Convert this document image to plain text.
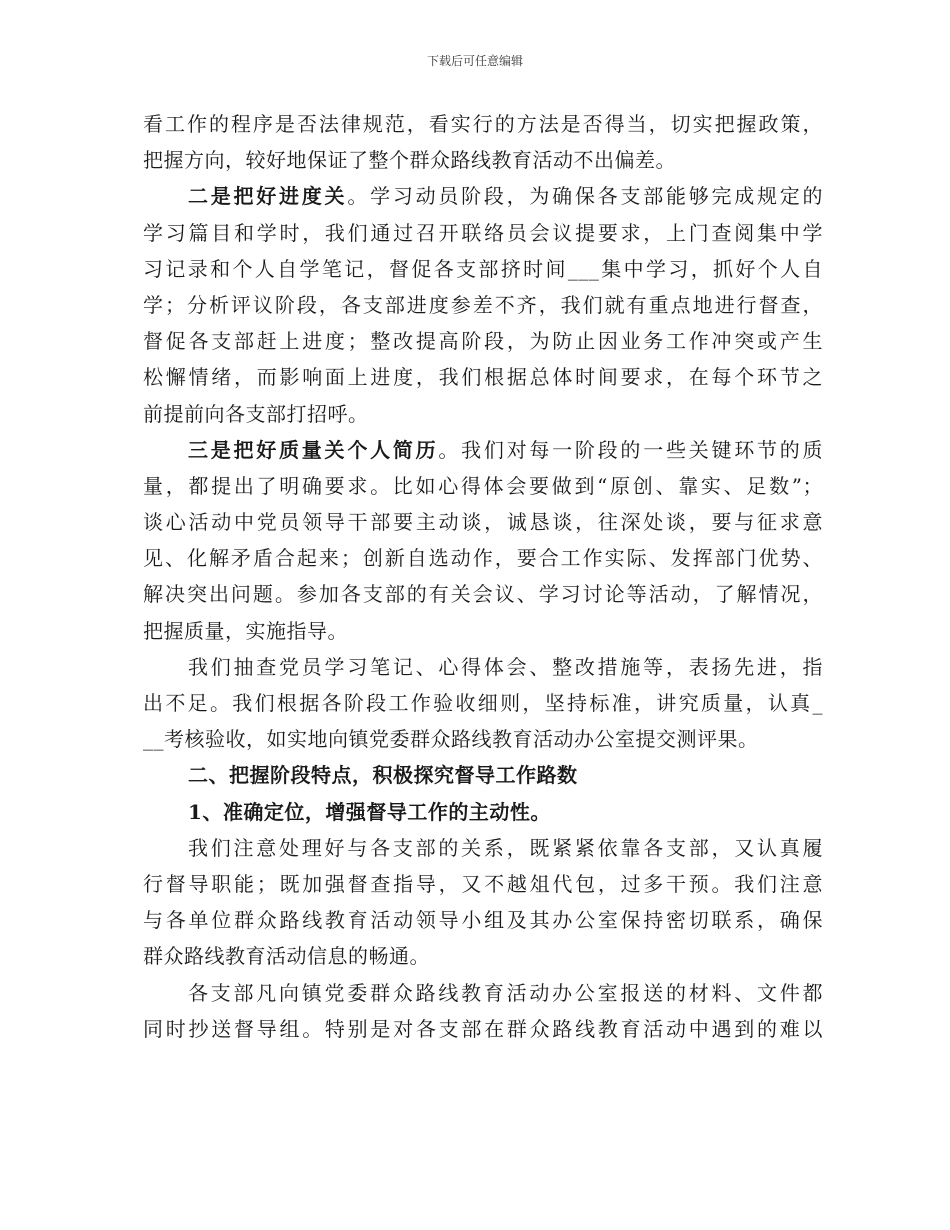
下载后可任意编辑
看工作的程序是否法律规范，看实行的方法是否得当，切实把握政策，
把握方向，较好地保证了整个群众路线教育活动不出偏差。
二是把好进度关。学习动员阶段，为确保各支部能够完成规定的
学习篇目和学时，我们通过召开联络员会议提要求，上门查阅集中学
习记录和个人自学笔记，督促各支部挤时间___集中学习，抓好个人自
学；分析评议阶段，各支部进度参差不齐，我们就有重点地进行督查，
督促各支部赶上进度；整改提高阶段，为防止因业务工作冲突或产生
松懈情绪，而影响面上进度，我们根据总体时间要求，在每个环节之
前提前向各支部打招呼。
三是把好质量关个人简历。我们对每一阶段的一些关键环节的质
量，都提出了明确要求。比如心得体会要做到“原创、靠实、足数”；
谈心活动中党员领导干部要主动谈，诚恳谈，往深处谈，要与征求意
见、化解矛盾合起来；创新自选动作，要合工作实际、发挥部门优势、
解决突出问题。参加各支部的有关会议、学习讨论等活动，了解情况，
把握质量，实施指导。
我们抽查党员学习笔记、心得体会、整改措施等，表扬先进，指
出不足。我们根据各阶段工作验收细则，坚持标准，讲究质量，认真_
__考核验收，如实地向镇党委群众路线教育活动办公室提交测评果。
二、把握阶段特点，积极探究督导工作路数
1、准确定位，增强督导工作的主动性。
我们注意处理好与各支部的关系，既紧紧依靠各支部，又认真履
行督导职能；既加强督查指导，又不越俎代包，过多干预。我们注意
与各单位群众路线教育活动领导小组及其办公室保持密切联系，确保
群众路线教育活动信息的畅通。
各支部凡向镇党委群众路线教育活动办公室报送的材料、文件都
同时抄送督导组。特别是对各支部在群众路线教育活动中遇到的难以
